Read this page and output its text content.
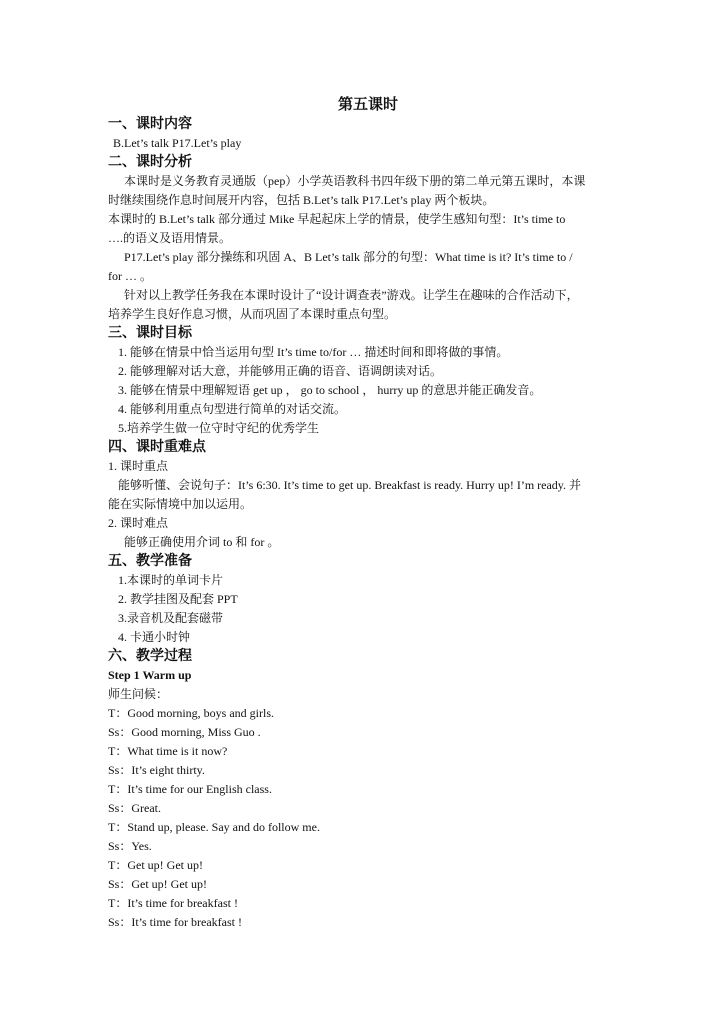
第五课时
一、课时内容
B.Let’s talk P17.Let’s play
二、课时分析
本课时是义务教育灵通版（pep）小学英语教科书四年级下册的第二单元第五课时，本课
时继续围绕作息时间展开内容，包括 B.Let’s talk P17.Let’s play 两个板块。
本课时的 B.Let’s talk 部分通过 Mike 早起起床上学的情景，使学生感知句型：It’s time to
….的语义及语用情景。
P17.Let’s play 部分操练和巩固 A、B Let’s talk 部分的句型：What time is it? It’s time to /
for … 。
针对以上教学任务我在本课时设计了“设计调查表”游戏。让学生在趣味的合作活动下，
培养学生良好作息习惯，从而巩固了本课时重点句型。
三、课时目标
1. 能够在情景中恰当运用句型 It’s time to/for … 描述时间和即将做的事情。
2. 能够理解对话大意，并能够用正确的语音、语调朗读对话。
3. 能够在情景中理解短语 get up ， go to school ， hurry up 的意思并能正确发音。
4. 能够利用重点句型进行简单的对话交流。
5.培养学生做一位守时守纪的优秀学生
四、课时重难点
1. 课时重点
能够听懂、会说句子：It’s 6:30. It’s time to get up. Breakfast is ready. Hurry up! I’m ready. 并
能在实际情境中加以运用。
2. 课时难点
能够正确使用介词 to 和 for 。
五、教学准备
1.本课时的单词卡片
2. 教学挂图及配套 PPT
3.录音机及配套磁带
4. 卡通小时钟
六、教学过程
Step 1 Warm up
师生问候：
T：Good morning, boys and girls.
Ss：Good morning, Miss Guo .
T：What time is it now?
Ss：It’s eight thirty.
T：It’s time for our English class.
Ss：Great.
T：Stand up, please. Say and do follow me.
Ss：Yes.
T：Get up! Get up!
Ss：Get up! Get up!
T：It’s time for breakfast !
Ss：It’s time for breakfast !
